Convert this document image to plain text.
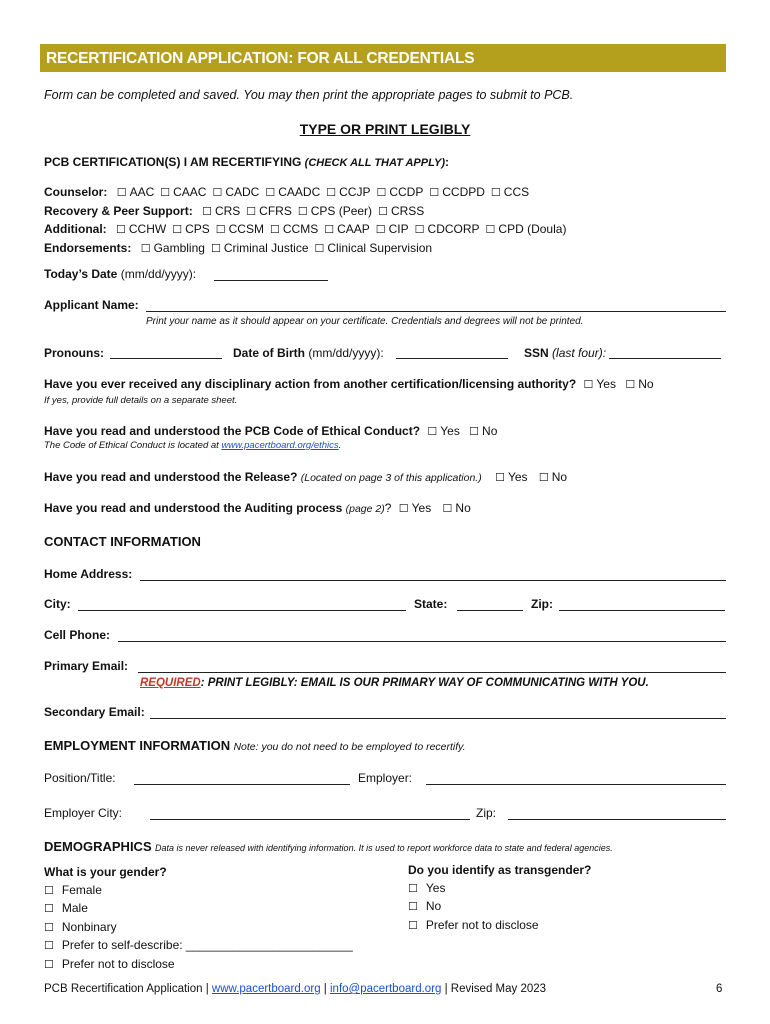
RECERTIFICATION APPLICATION: FOR ALL CREDENTIALS
Form can be completed and saved. You may then print the appropriate pages to submit to PCB.
TYPE OR PRINT LEGIBLY
PCB CERTIFICATION(S) I AM RECERTIFYING (CHECK ALL THAT APPLY):
Counselor: ☐ AAC ☐ CAAC ☐ CADC ☐ CAADC ☐ CCJP ☐ CCDP ☐ CCDPD ☐ CCS
Recovery & Peer Support: ☐ CRS ☐ CFRS ☐ CPS (Peer) ☐ CRSS
Additional: ☐ CCHW ☐ CPS ☐ CCSM ☐ CCMS ☐ CAAP ☐ CIP ☐ CDCORP ☐ CPD (Doula)
Endorsements: ☐ Gambling ☐ Criminal Justice ☐ Clinical Supervision
Today’s Date (mm/dd/yyyy):
Applicant Name:
Print your name as it should appear on your certificate. Credentials and degrees will not be printed.
Pronouns:	Date of Birth (mm/dd/yyyy):	SSN (last four):
Have you ever received any disciplinary action from another certification/licensing authority? ☐ Yes ☐ No
If yes, provide full details on a separate sheet.
Have you read and understood the PCB Code of Ethical Conduct? ☐ Yes ☐ No
The Code of Ethical Conduct is located at www.pacertboard.org/ethics.
Have you read and understood the Release? (Located on page 3 of this application.) ☐ Yes ☐ No
Have you read and understood the Auditing process (page 2)? ☐ Yes ☐ No
CONTACT INFORMATION
Home Address:
City:	State:	Zip:
Cell Phone:
Primary Email:
REQUIRED: PRINT LEGIBLY: EMAIL IS OUR PRIMARY WAY OF COMMUNICATING WITH YOU.
Secondary Email:
EMPLOYMENT INFORMATION Note: you do not need to be employed to recertify.
Position/Title:	Employer:
Employer City:	Zip:
DEMOGRAPHICS Data is never released with identifying information. It is used to report workforce data to state and federal agencies.
What is your gender?
☐ Female
☐ Male
☐ Nonbinary
☐ Prefer to self-describe: _________________________
☐ Prefer not to disclose
Do you identify as transgender?
☐ Yes
☐ No
☐ Prefer not to disclose
PCB Recertification Application | www.pacertboard.org | info@pacertboard.org | Revised May 2023	6
